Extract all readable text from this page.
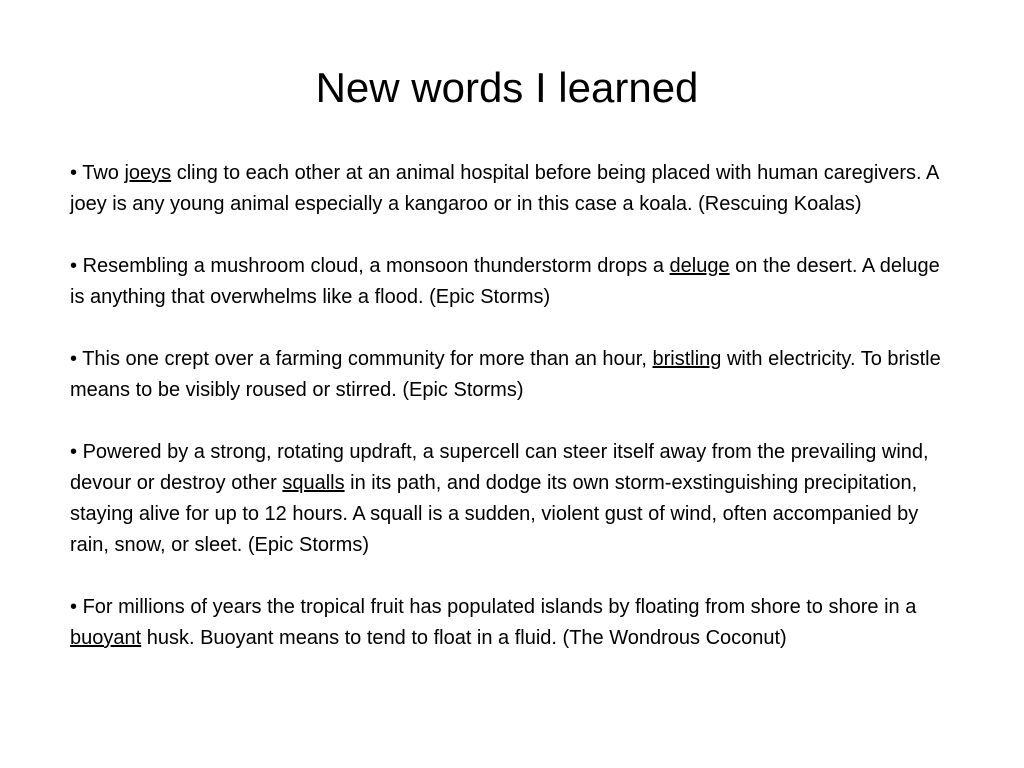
New words I learned

• Two joeys cling to each other at an animal hospital before being placed with human caregivers. A joey is any young animal especially a kangaroo or in this case a koala. (Rescuing Koalas)

• Resembling a mushroom cloud, a monsoon thunderstorm drops a deluge on the desert. A deluge is anything that overwhelms like a flood. (Epic Storms)

• This one crept over a farming community for more than an hour, bristling with electricity. To bristle means to be visibly roused or stirred. (Epic Storms)

• Powered by a strong, rotating updraft, a supercell can steer itself away from the prevailing wind, devour or destroy other squalls in its path, and dodge its own storm-exstinguishing precipitation, staying alive for up to 12 hours. A squall is a sudden, violent gust of wind, often accompanied by rain, snow, or sleet. (Epic Storms)

• For millions of years the tropical fruit has populated islands by floating from shore to shore in a buoyant husk. Buoyant means to tend to float in a fluid. (The Wondrous Coconut)
